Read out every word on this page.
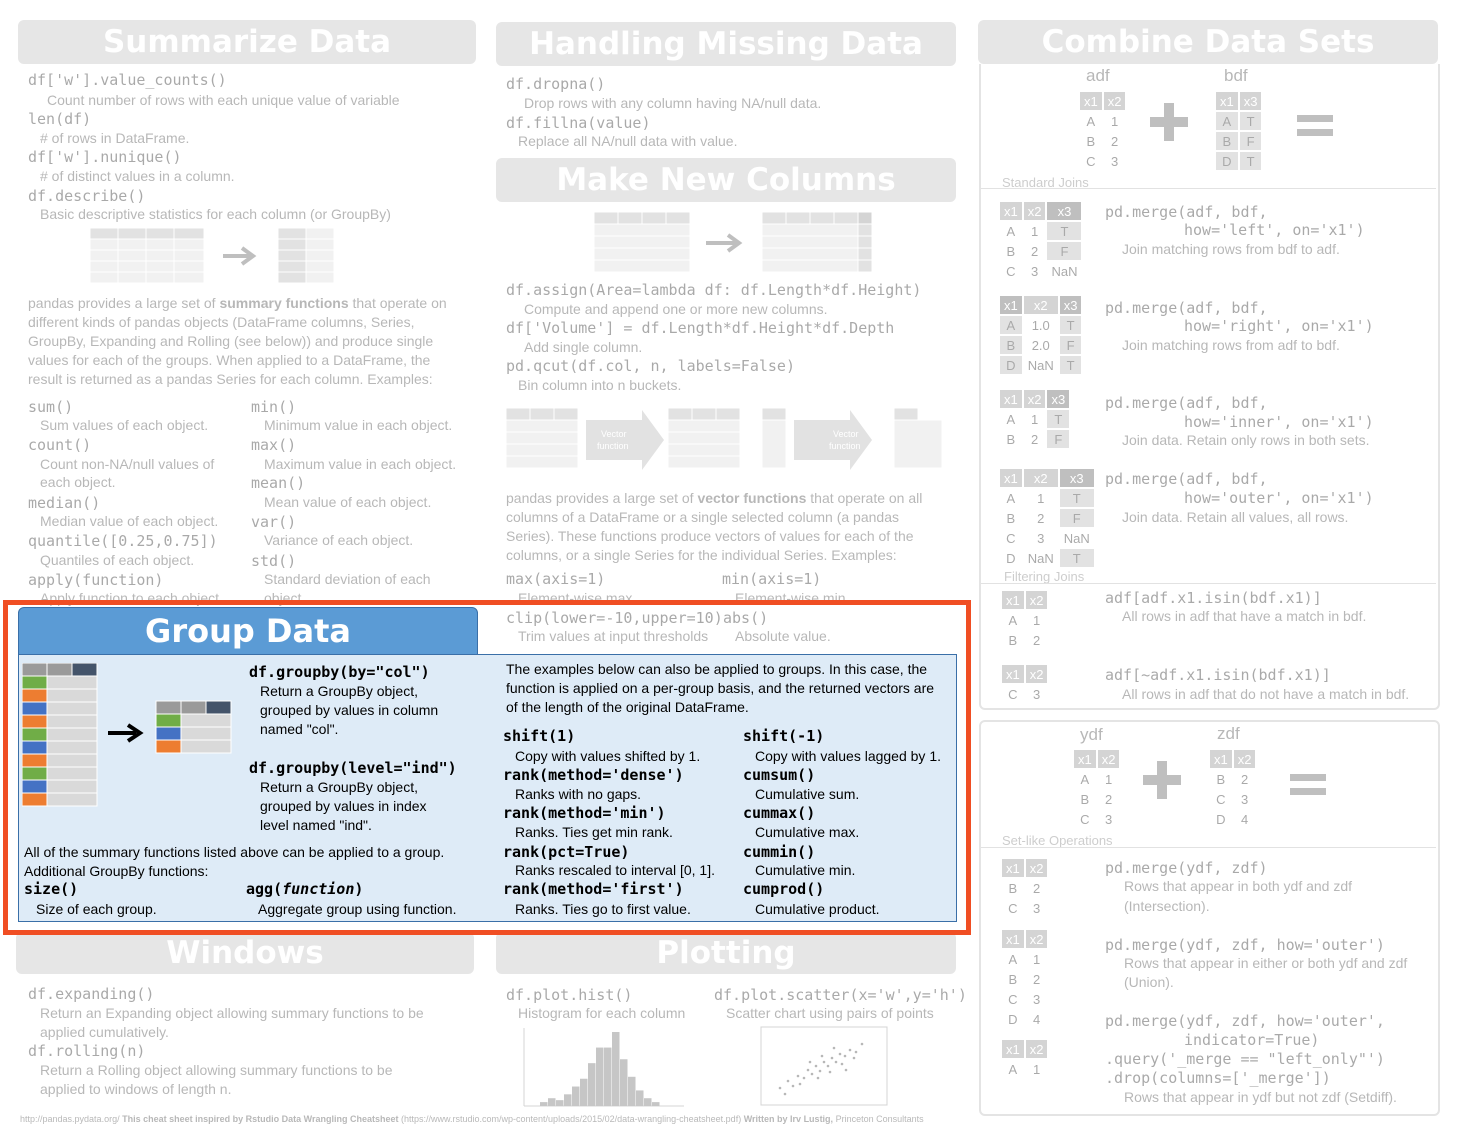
Summarize Data
df['w'].value_counts()
Count number of rows with each unique value of variable
len(df)
# of rows in DataFrame.
df['w'].nunique()
# of distinct values in a column.
df.describe()
Basic descriptive statistics for each column (or GroupBy)
pandas provides a large set of summary functions that operate on different kinds of pandas objects (DataFrame columns, Series, GroupBy, Expanding and Rolling (see below)) and produce single values for each of the groups. When applied to a DataFrame, the result is returned as a pandas Series for each column. Examples:
sum()
Sum values of each object.
count()
Count non-NA/null values of
each object.
median()
Median value of each object.
quantile([0.25,0.75])
Quantiles of each object.
apply(function)
Apply function to each object.
min()
Minimum value in each object.
max()
Maximum value in each object.
mean()
Mean value of each object.
var()
Variance of each object.
std()
Standard deviation of each
object.
Handling Missing Data
df.dropna()
Drop rows with any column having NA/null data.
df.fillna(value)
Replace all NA/null data with value.
Make New Columns
df.assign(Area=lambda df: df.Length*df.Height)
Compute and append one or more new columns.
df['Volume'] = df.Length*df.Height*df.Depth
Add single column.
pd.qcut(df.col, n, labels=False)
Bin column into n buckets.
Vector
function
Vector
function
pandas provides a large set of vector functions that operate on all columns of a DataFrame or a single selected column (a pandas Series). These functions produce vectors of values for each of the columns, or a single Series for the individual Series. Examples:
max(axis=1)
Element-wise max.
min(axis=1)
Element-wise min.
Windows
df.expanding()
Return an Expanding object allowing summary functions to be
applied cumulatively.
df.rolling(n)
Return a Rolling object allowing summary functions to be
applied to windows of length n.
Plotting
df.plot.hist()
Histogram for each column
df.plot.scatter(x='w',y='h')
Scatter chart using pairs of points
Combine Data Sets
adf	bdf
x1	x2
A	1
B	2
C	3
x1	x3
A	T
B	F
D	T
Standard Joins
x1	x2	x3
A	1	T
B	2	F
C	3	NaN
pd.merge(adf, bdf,
how='left', on='x1')
Join matching rows from bdf to adf.
x1	x2	x3
A	1.0	T
B	2.0	F
D	NaN	T
pd.merge(adf, bdf,
how='right', on='x1')
Join matching rows from adf to bdf.
x1	x2	x3
A	1	T
B	2	F
pd.merge(adf, bdf,
how='inner', on='x1')
Join data. Retain only rows in both sets.
x1	x2	x3
A	1	T
B	2	F
C	3	NaN
D	NaN	T
pd.merge(adf, bdf,
how='outer', on='x1')
Join data. Retain all values, all rows.
Filtering Joins
x1	x2
A	1
B	2
adf[adf.x1.isin(bdf.x1)]
All rows in adf that have a match in bdf.
x1	x2
C	3
adf[~adf.x1.isin(bdf.x1)]
All rows in adf that do not have a match in bdf.
ydf	zdf
x1	x2
A	1
B	2
C	3
x1	x2
B	2
C	3
D	4
Set-like Operations
x1	x2
B	2
C	3
pd.merge(ydf, zdf)
Rows that appear in both ydf and zdf
(Intersection).
x1	x2
A	1
B	2
C	3
D	4
pd.merge(ydf, zdf, how='outer')
Rows that appear in either or both ydf and zdf
(Union).
x1	x2
A	1
pd.merge(ydf, zdf, how='outer',
indicator=True)
.query('_merge == "left_only"')
.drop(columns=['_merge'])
Rows that appear in ydf but not zdf (Setdiff).
http://pandas.pydata.org/ This cheat sheet inspired by Rstudio Data Wrangling Cheatsheet (https://www.rstudio.com/wp-content/uploads/2015/02/data-wrangling-cheatsheet.pdf) Written by Irv Lustig, Princeton Consultants
clip(lower=-10,upper=10)
Trim values at input thresholds
abs()
Absolute value.
Group Data
df.groupby(by="col")
Return a GroupBy object,
grouped by values in column
named "col".
df.groupby(level="ind")
Return a GroupBy object,
grouped by values in index
level named "ind".
All of the summary functions listed above can be applied to a group.
Additional GroupBy functions:
size()
Size of each group.
agg(function)
Aggregate group using function.
The examples below can also be applied to groups. In this case, the function is applied on a per-group basis, and the returned vectors are of the length of the original DataFrame.
shift(1)
Copy with values shifted by 1.
rank(method='dense')
Ranks with no gaps.
rank(method='min')
Ranks. Ties get min rank.
rank(pct=True)
Ranks rescaled to interval [0, 1].
rank(method='first')
Ranks. Ties go to first value.
shift(-1)
Copy with values lagged by 1.
cumsum()
Cumulative sum.
cummax()
Cumulative max.
cummin()
Cumulative min.
cumprod()
Cumulative product.
